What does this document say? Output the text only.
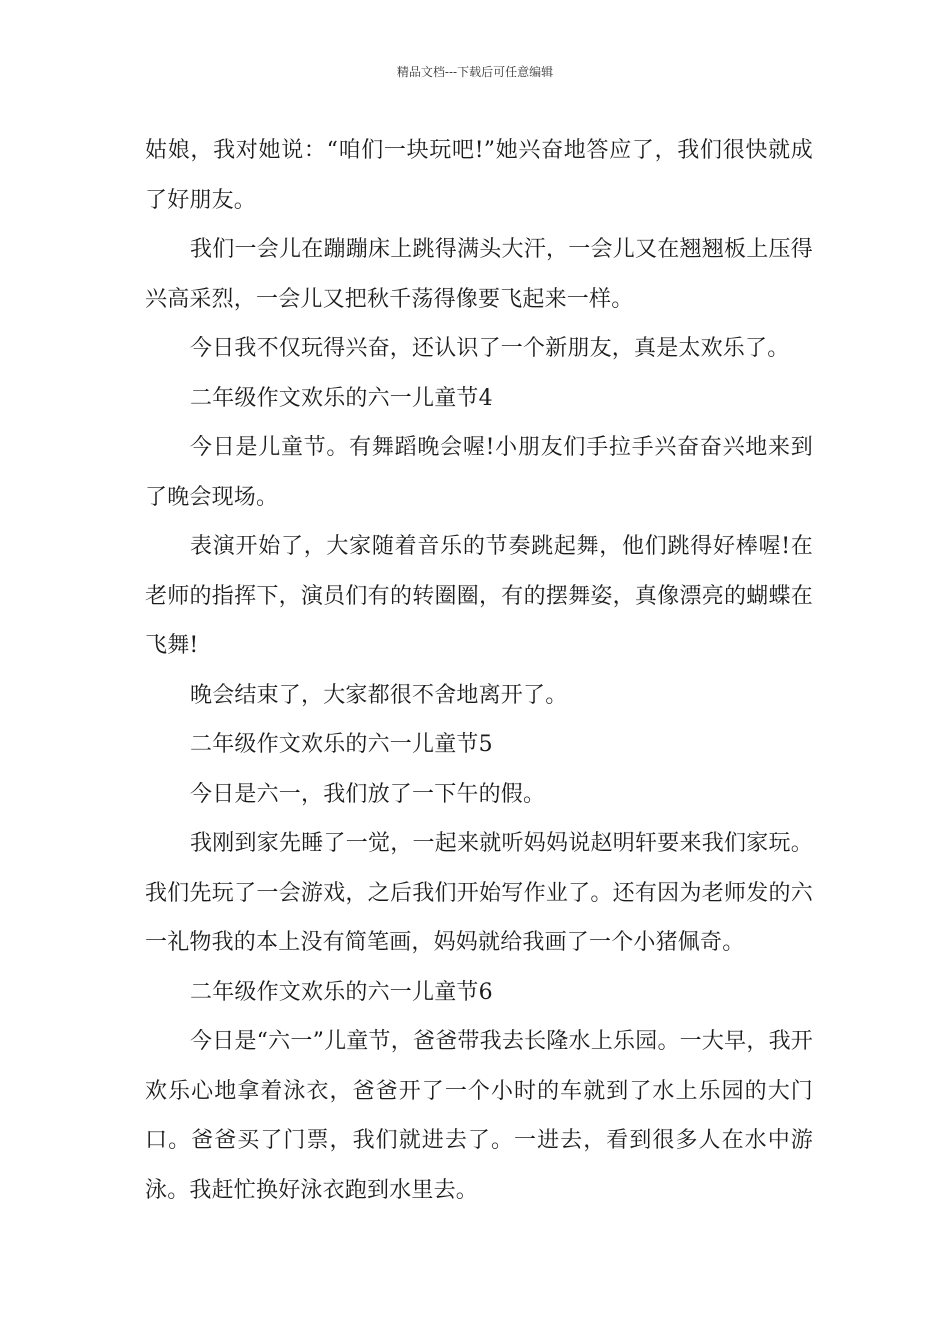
精品文档---下载后可任意编辑

姑娘，我对她说：“咱们一块玩吧!”她兴奋地答应了，我们很快就成了好朋友。

我们一会儿在蹦蹦床上跳得满头大汗，一会儿又在翘翘板上压得兴高采烈，一会儿又把秋千荡得像要飞起来一样。

今日我不仅玩得兴奋，还认识了一个新朋友，真是太欢乐了。

二年级作文欢乐的六一儿童节4

今日是儿童节。有舞蹈晚会喔!小朋友们手拉手兴奋奋兴地来到了晚会现场。

表演开始了，大家随着音乐的节奏跳起舞，他们跳得好棒喔!在老师的指挥下，演员们有的转圈圈，有的摆舞姿，真像漂亮的蝴蝶在飞舞!

晚会结束了，大家都很不舍地离开了。

二年级作文欢乐的六一儿童节5

今日是六一，我们放了一下午的假。

我刚到家先睡了一觉，一起来就听妈妈说赵明轩要来我们家玩。我们先玩了一会游戏，之后我们开始写作业了。还有因为老师发的六一礼物我的本上没有简笔画，妈妈就给我画了一个小猪佩奇。

二年级作文欢乐的六一儿童节6

今日是“六一”儿童节，爸爸带我去长隆水上乐园。一大早，我开欢乐心地拿着泳衣，爸爸开了一个小时的车就到了水上乐园的大门口。爸爸买了门票，我们就进去了。一进去，看到很多人在水中游泳。我赶忙换好泳衣跑到水里去。
